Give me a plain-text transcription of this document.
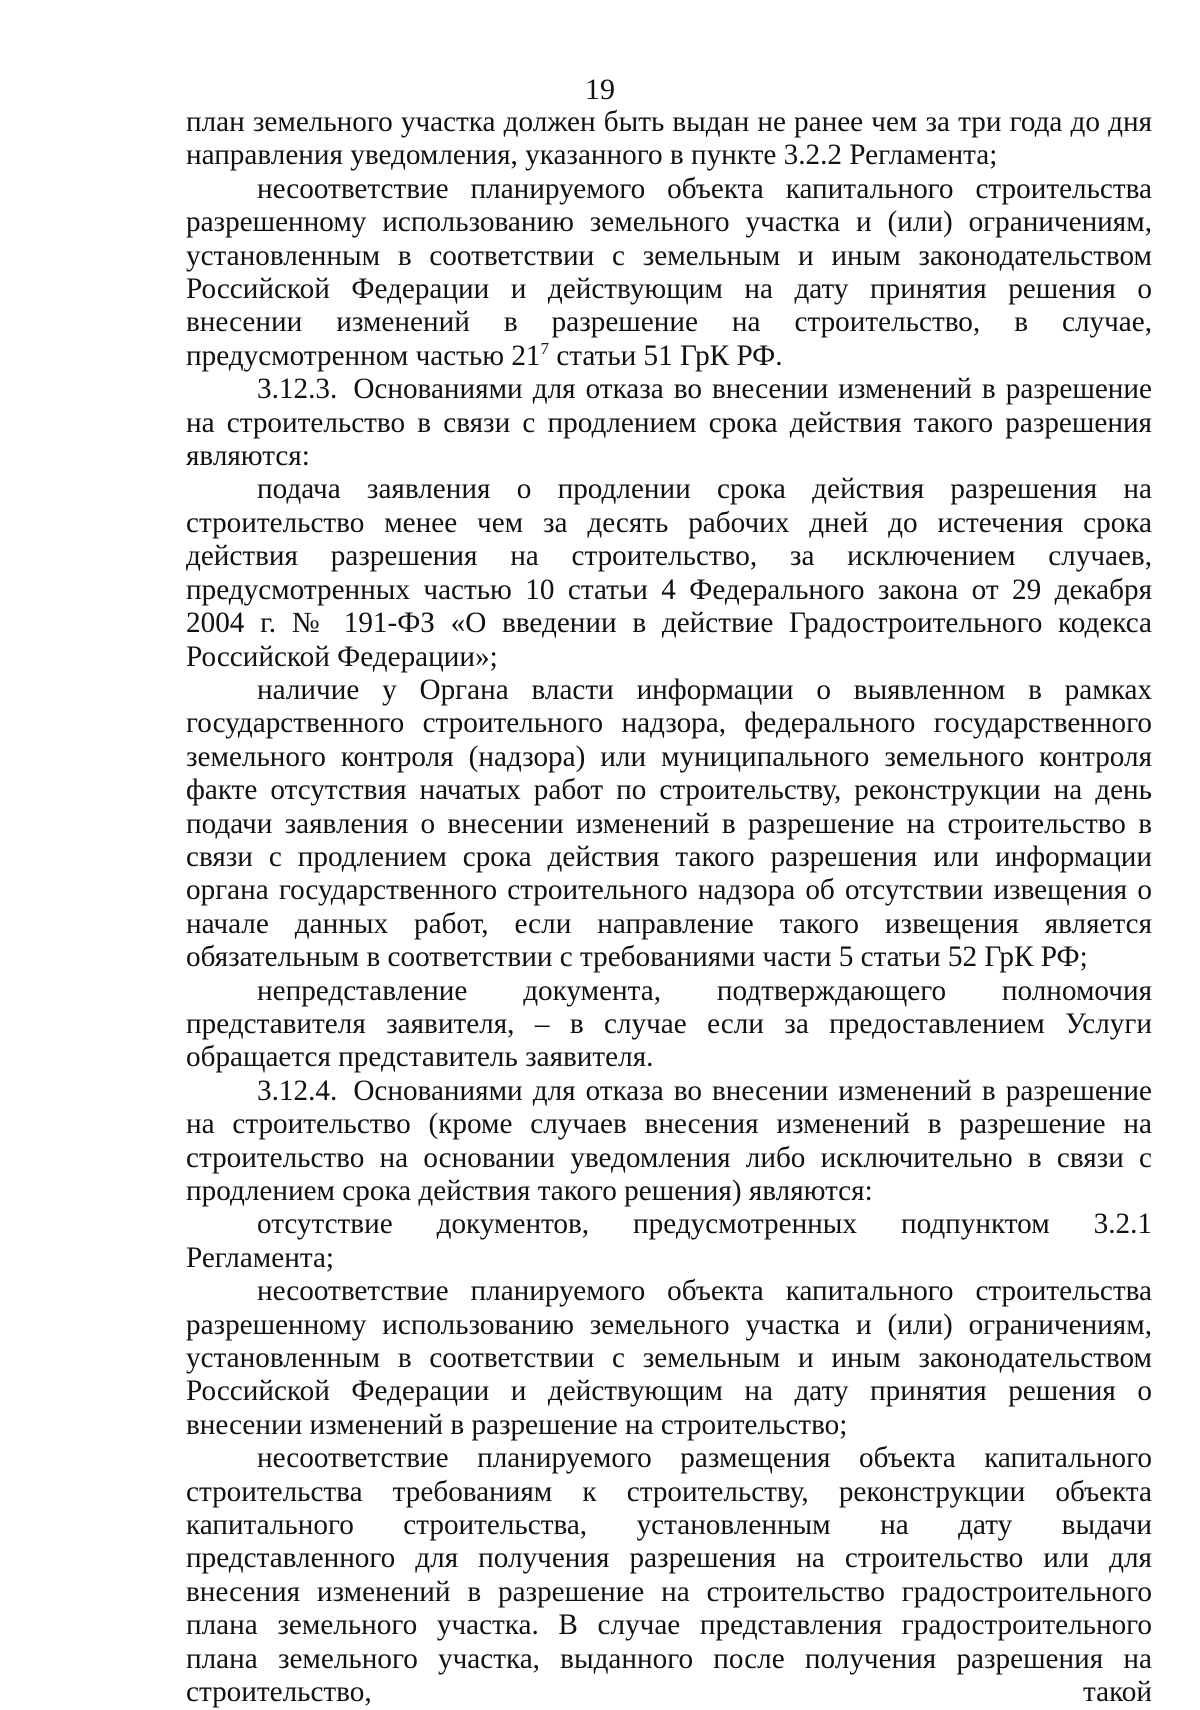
19

план земельного участка должен быть выдан не ранее чем за три года до дня направления уведомления, указанного в пункте 3.2.2 Регламента;

несоответствие планируемого объекта капитального строительства разрешенному использованию земельного участка и (или) ограничениям, установленным в соответствии с земельным и иным законодательством Российской Федерации и действующим на дату принятия решения о внесении изменений в разрешение на строительство, в случае, предусмотренном частью $21^7$ статьи 51 ГрК РФ.

3.12.3. Основаниями для отказа во внесении изменений в разрешение на строительство в связи с продлением срока действия такого разрешения являются:

подача заявления о продлении срока действия разрешения на строительство менее чем за десять рабочих дней до истечения срока действия разрешения на строительство, за исключением случаев, предусмотренных частью 10 статьи 4 Федерального закона от 29 декабря 2004 г. № 191-ФЗ «О введении в действие Градостроительного кодекса Российской Федерации»;

наличие у Органа власти информации о выявленном в рамках государственного строительного надзора, федерального государственного земельного контроля (надзора) или муниципального земельного контроля факте отсутствия начатых работ по строительству, реконструкции на день подачи заявления о внесении изменений в разрешение на строительство в связи с продлением срока действия такого разрешения или информации органа государственного строительного надзора об отсутствии извещения о начале данных работ, если направление такого извещения является обязательным в соответствии с требованиями части 5 статьи 52 ГрК РФ;

непредставление документа, подтверждающего полномочия представителя заявителя, – в случае если за предоставлением Услуги обращается представитель заявителя.

3.12.4. Основаниями для отказа во внесении изменений в разрешение на строительство (кроме случаев внесения изменений в разрешение на строительство на основании уведомления либо исключительно в связи с продлением срока действия такого решения) являются:

отсутствие документов, предусмотренных подпунктом 3.2.1 Регламента;

несоответствие планируемого объекта капитального строительства разрешенному использованию земельного участка и (или) ограничениям, установленным в соответствии с земельным и иным законодательством Российской Федерации и действующим на дату принятия решения о внесении изменений в разрешение на строительство;

несоответствие планируемого размещения объекта капитального строительства требованиям к строительству, реконструкции объекта капитального строительства, установленным на дату выдачи представленного для получения разрешения на строительство или для внесения изменений в разрешение на строительство градостроительного плана земельного участка. В случае представления градостроительного плана земельного участка, выданного после получения разрешения на строительство, такой
